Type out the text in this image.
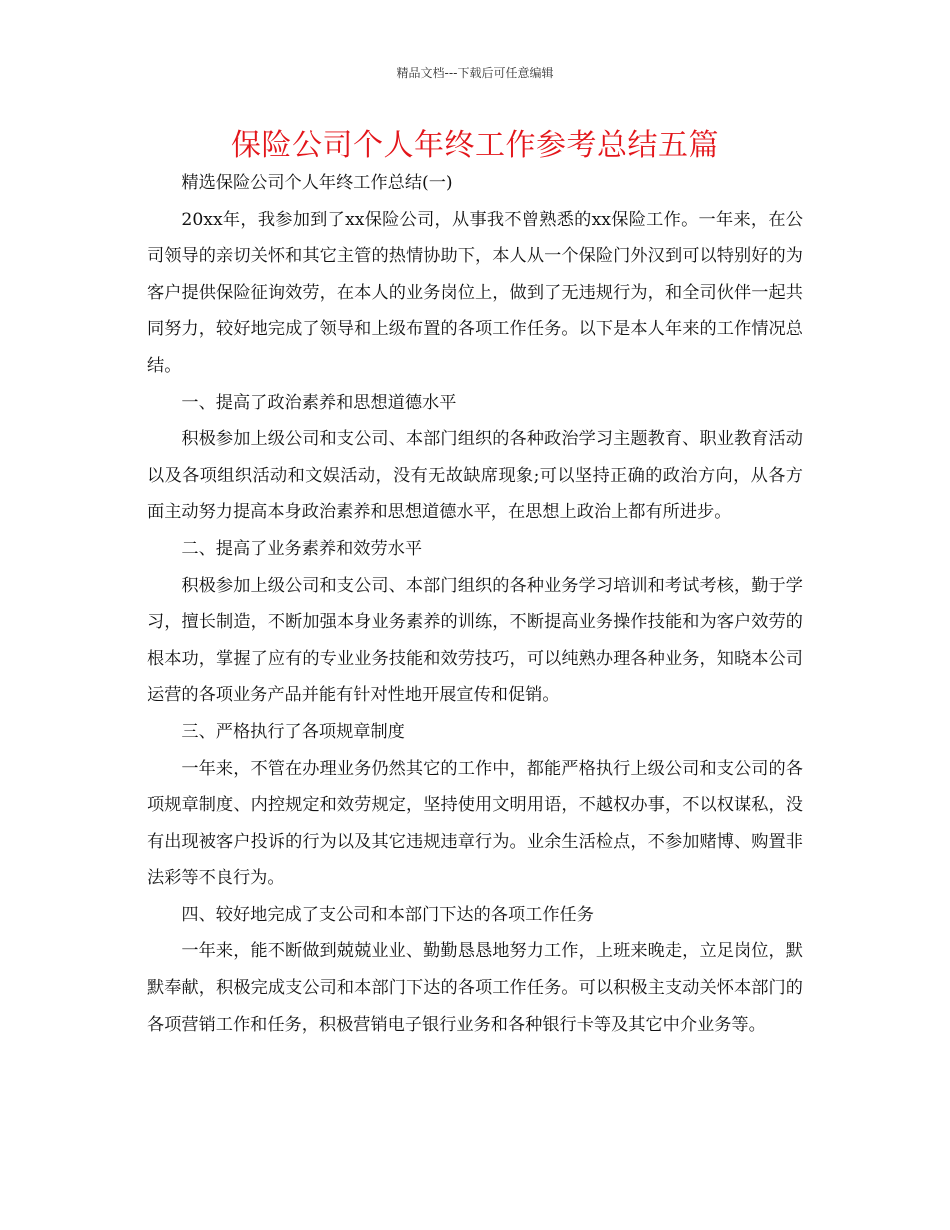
精品文档---下载后可任意编辑
保险公司个人年终工作参考总结五篇

精选保险公司个人年终工作总结(一)

20xx年，我参加到了xx保险公司，从事我不曾熟悉的xx保险工作。一年来，在公司领导的亲切关怀和其它主管的热情协助下，本人从一个保险门外汉到可以特别好的为客户提供保险征询效劳，在本人的业务岗位上，做到了无违规行为，和全司伙伴一起共同努力，较好地完成了领导和上级布置的各项工作任务。以下是本人年来的工作情况总结。

一、提高了政治素养和思想道德水平

积极参加上级公司和支公司、本部门组织的各种政治学习主题教育、职业教育活动以及各项组织活动和文娱活动，没有无故缺席现象;可以坚持正确的政治方向，从各方面主动努力提高本身政治素养和思想道德水平，在思想上政治上都有所进步。

二、提高了业务素养和效劳水平

积极参加上级公司和支公司、本部门组织的各种业务学习培训和考试考核，勤于学习，擅长制造，不断加强本身业务素养的训练，不断提高业务操作技能和为客户效劳的根本功，掌握了应有的专业业务技能和效劳技巧，可以纯熟办理各种业务，知晓本公司运营的各项业务产品并能有针对性地开展宣传和促销。

三、严格执行了各项规章制度

一年来，不管在办理业务仍然其它的工作中，都能严格执行上级公司和支公司的各项规章制度、内控规定和效劳规定，坚持使用文明用语，不越权办事，不以权谋私，没有出现被客户投诉的行为以及其它违规违章行为。业余生活检点，不参加赌博、购置非法彩等不良行为。

四、较好地完成了支公司和本部门下达的各项工作任务

一年来，能不断做到兢兢业业、勤勤恳恳地努力工作，上班来晚走，立足岗位，默默奉献，积极完成支公司和本部门下达的各项工作任务。可以积极主支动关怀本部门的各项营销工作和任务，积极营销电子银行业务和各种银行卡等及其它中介业务等。
